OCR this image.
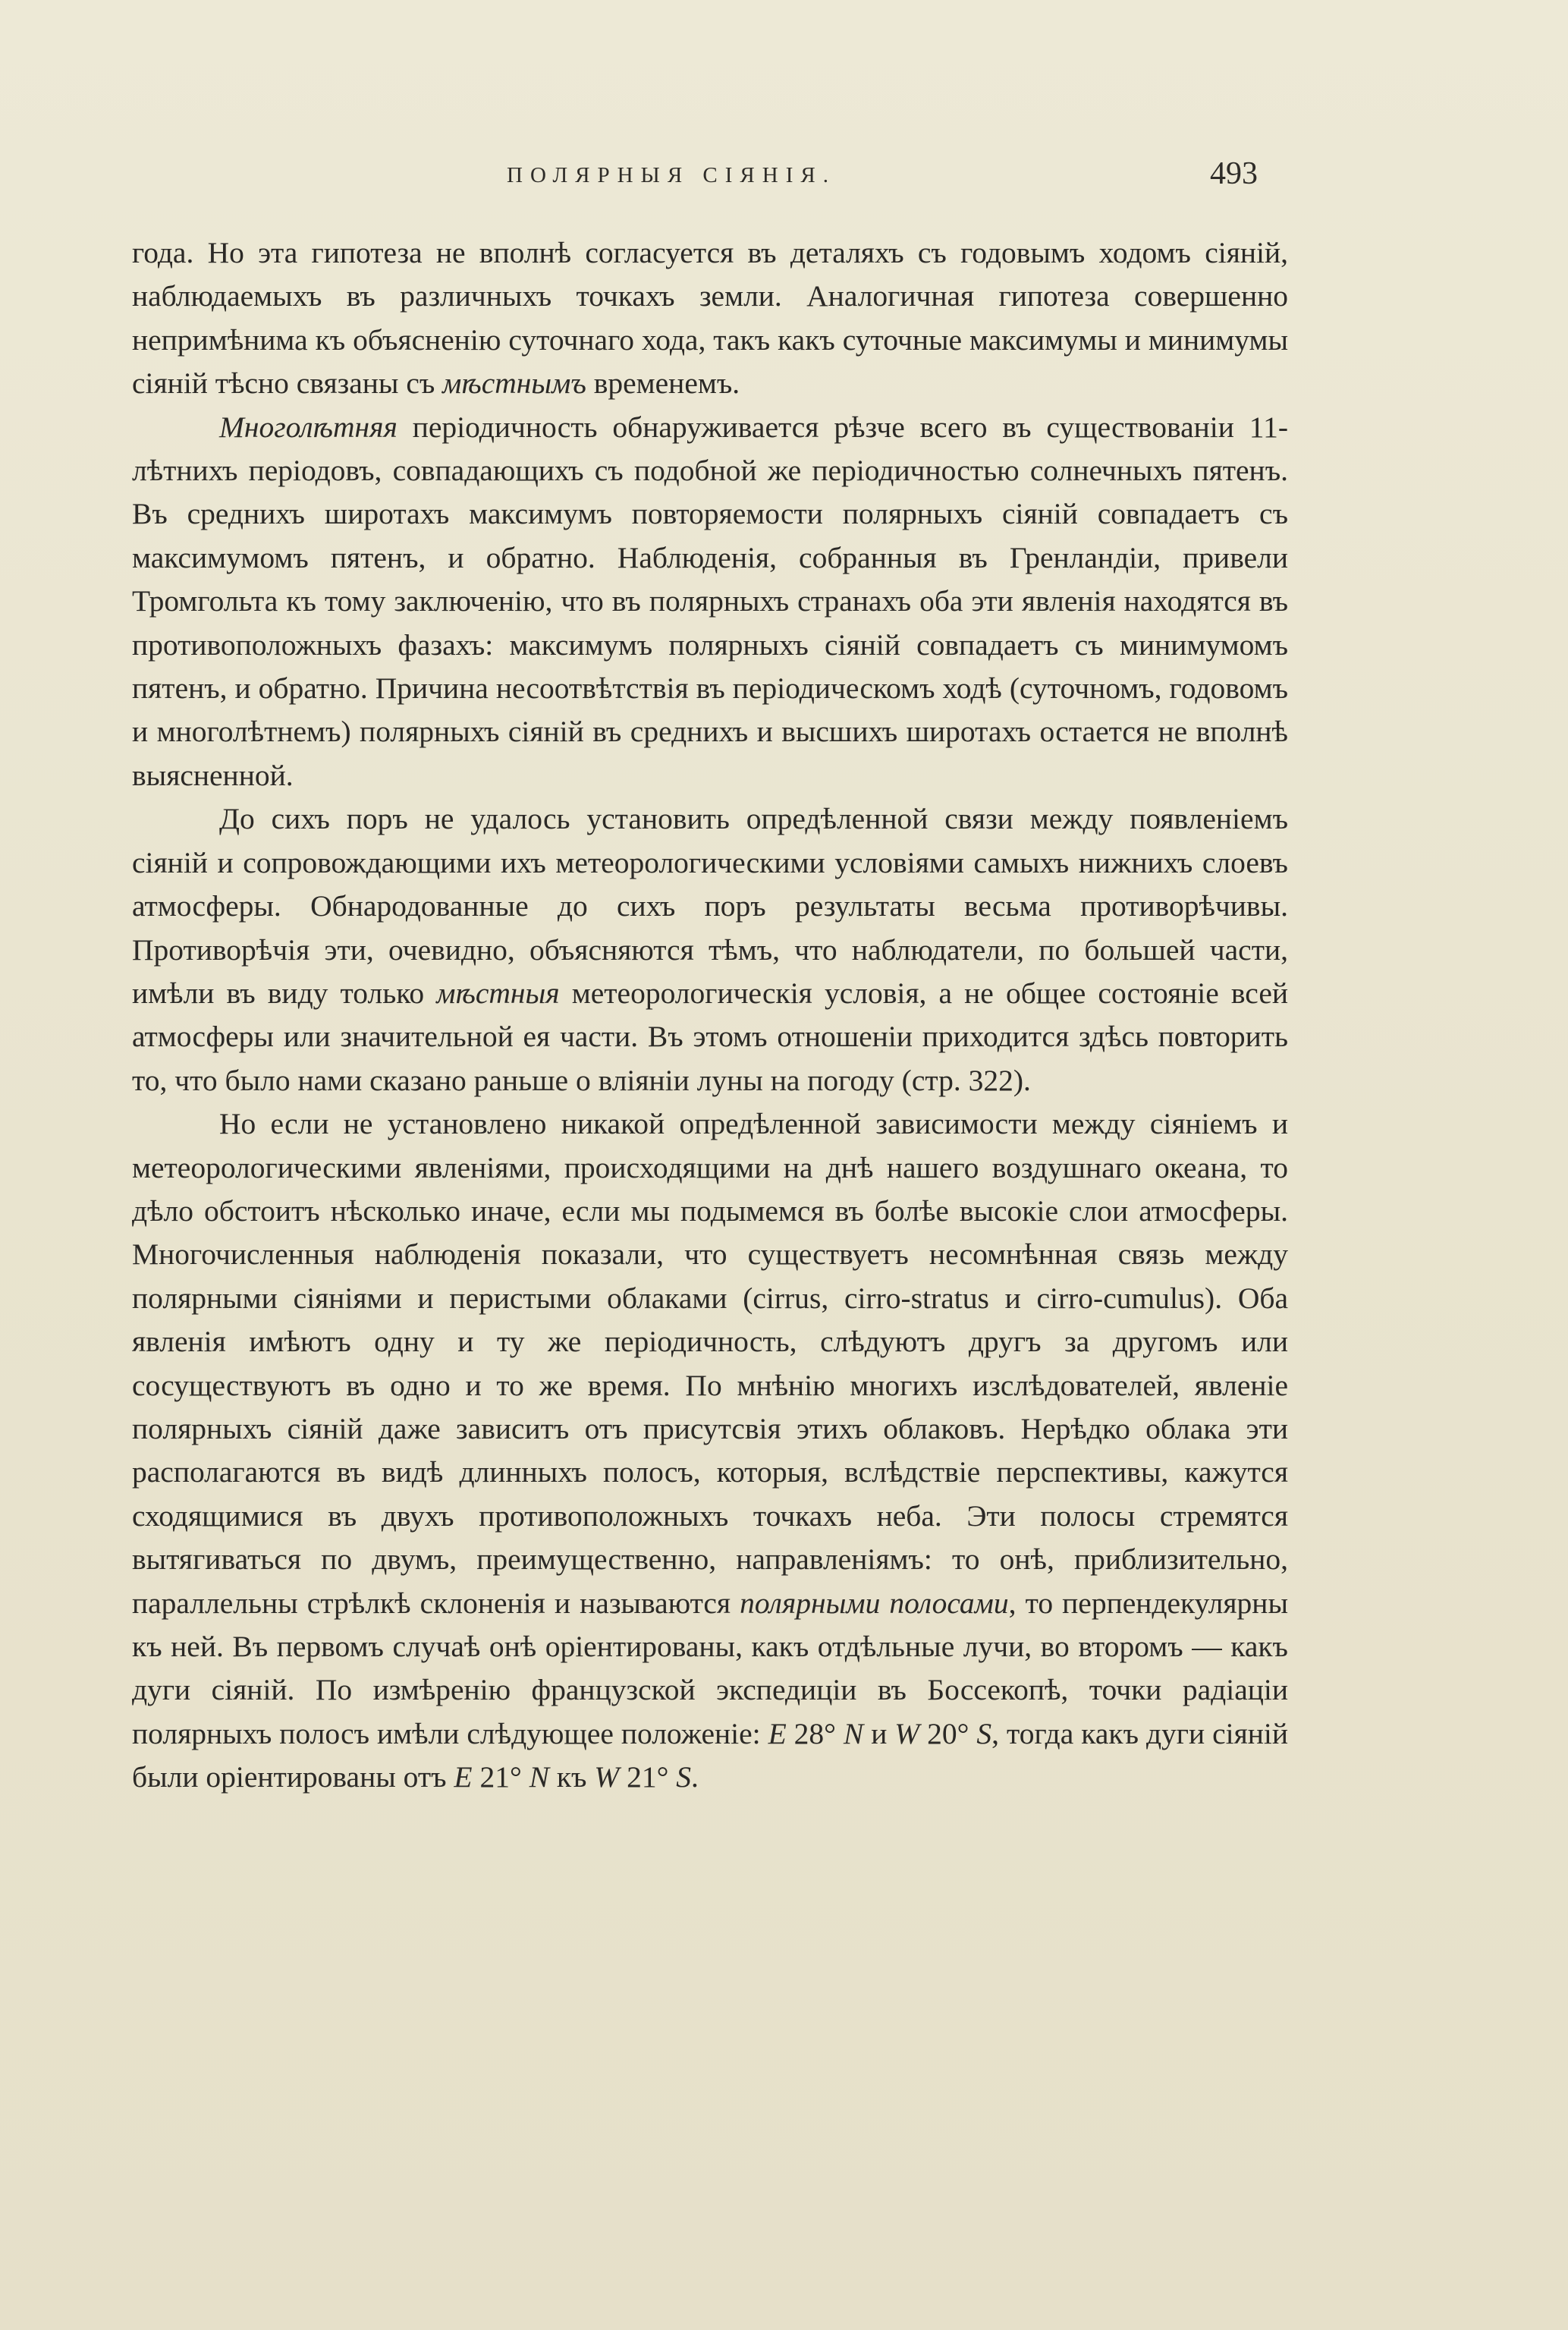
ПОЛЯРНЫЯ СІЯНІЯ.	493

года. Но эта гипотеза не вполнѣ согласуется въ деталяхъ съ годовымъ ходомъ сіяній, наблюдаемыхъ въ различныхъ точкахъ земли. Аналогичная гипотеза совершенно непримѣнима къ объясненію суточнаго хода, такъ какъ суточные максимумы и минимумы сіяній тѣсно связаны съ мѣстнымъ временемъ.

Многолѣтняя періодичность обнаруживается рѣзче всего въ существованіи 11-лѣтнихъ періодовъ, совпадающихъ съ подобной же періодичностью солнечныхъ пятенъ. Въ среднихъ широтахъ максимумъ повторяемости полярныхъ сіяній совпадаетъ съ максимумомъ пятенъ, и обратно. Наблюденія, собранныя въ Гренландіи, привели Тромгольта къ тому заключенію, что въ полярныхъ странахъ оба эти явленія находятся въ противоположныхъ фазахъ: максимумъ полярныхъ сіяній совпадаетъ съ минимумомъ пятенъ, и обратно. Причина несоотвѣтствія въ періодическомъ ходѣ (суточномъ, годовомъ и многолѣтнемъ) полярныхъ сіяній въ среднихъ и высшихъ широтахъ остается не вполнѣ выясненной.

До сихъ поръ не удалось установить опредѣленной связи между появленіемъ сіяній и сопровождающими ихъ метеорологическими условіями самыхъ нижнихъ слоевъ атмосферы. Обнародованные до сихъ поръ результаты весьма противорѣчивы. Противорѣчія эти, очевидно, объясняются тѣмъ, что наблюдатели, по большей части, имѣли въ виду только мѣстныя метеорологическія условія, а не общее состояніе всей атмосферы или значительной ея части. Въ этомъ отношеніи приходится здѣсь повторить то, что было нами сказано раньше о вліяніи луны на погоду (стр. 322).

Но если не установлено никакой опредѣленной зависимости между сіяніемъ и метеорологическими явленіями, происходящими на днѣ нашего воздушнаго океана, то дѣло обстоитъ нѣсколько иначе, если мы подымемся въ болѣе высокіе слои атмосферы. Многочисленныя наблюденія показали, что существуетъ несомнѣнная связь между полярными сіяніями и перистыми облаками (cirrus, cirro-stratus и cirro-cumulus). Оба явленія имѣютъ одну и ту же періодичность, слѣдуютъ другъ за другомъ или сосуществуютъ въ одно и то же время. По мнѣнію многихъ изслѣдователей, явленіе полярныхъ сіяній даже зависитъ отъ присутсвія этихъ облаковъ. Нерѣдко облака эти располагаются въ видѣ длинныхъ полосъ, которыя, вслѣдствіе перспективы, кажутся сходящимися въ двухъ противоположныхъ точкахъ неба. Эти полосы стремятся вытягиваться по двумъ, преимущественно, направленіямъ: то онѣ, приблизительно, параллельны стрѣлкѣ склоненія и называются полярными полосами, то перпендекулярны къ ней. Въ первомъ случаѣ онѣ оріентированы, какъ отдѣльные лучи, во второмъ — какъ дуги сіяній. По измѣренію французской экспедиціи въ Боссекопѣ, точки радіаціи полярныхъ полосъ имѣли слѣдующее положеніе: E 28° N и W 20° S, тогда какъ дуги сіяній были оріентированы отъ E 21° N къ W 21° S.
